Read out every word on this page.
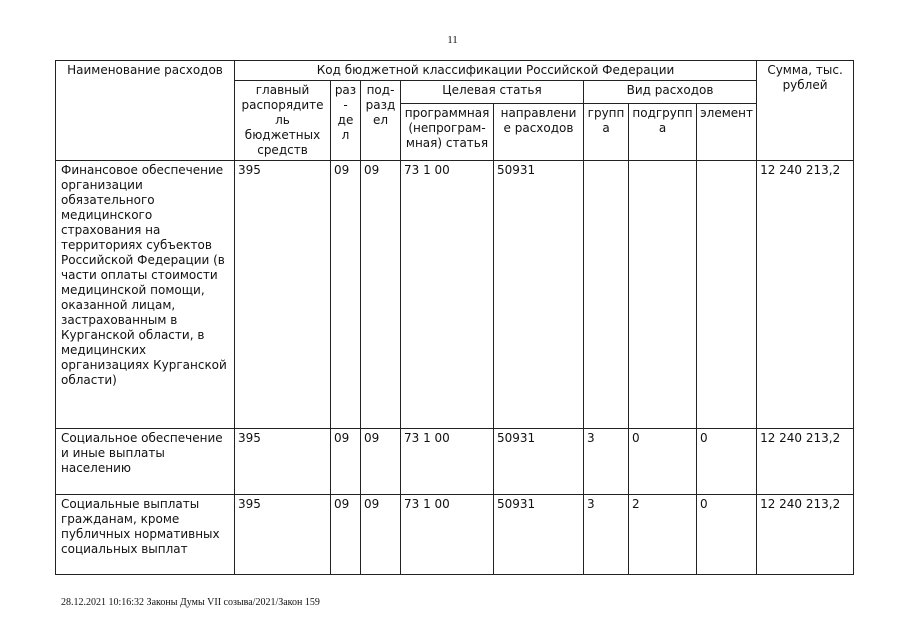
11
Наименование расходов	Код бюджетной классификации Российской Федерации								Сумма, тыс. рублей
	главный распорядитель бюджетных средств	раз- дел	под- раздел	Целевая статья		Вид расходов			
				программная (непрограм- мная) статья	направление расходов	группа	подгруппа	элемент	
Финансовое обеспечение организации обязательного медицинского страхования на территориях субъектов Российской Федерации (в части оплаты стоимости медицинской помощи, оказанной лицам, застрахованным в Курганской области, в медицинских организациях Курганской области)	395	09	09	73 1 00	50931				12 240 213,2
Социальное обеспечение и иные выплаты населению	395	09	09	73 1 00	50931	3	0	0	12 240 213,2
Социальные выплаты гражданам, кроме публичных нормативных социальных выплат	395	09	09	73 1 00	50931	3	2	0	12 240 213,2
28.12.2021 10:16:32 Законы Думы VII созыва/2021/Закон 159
